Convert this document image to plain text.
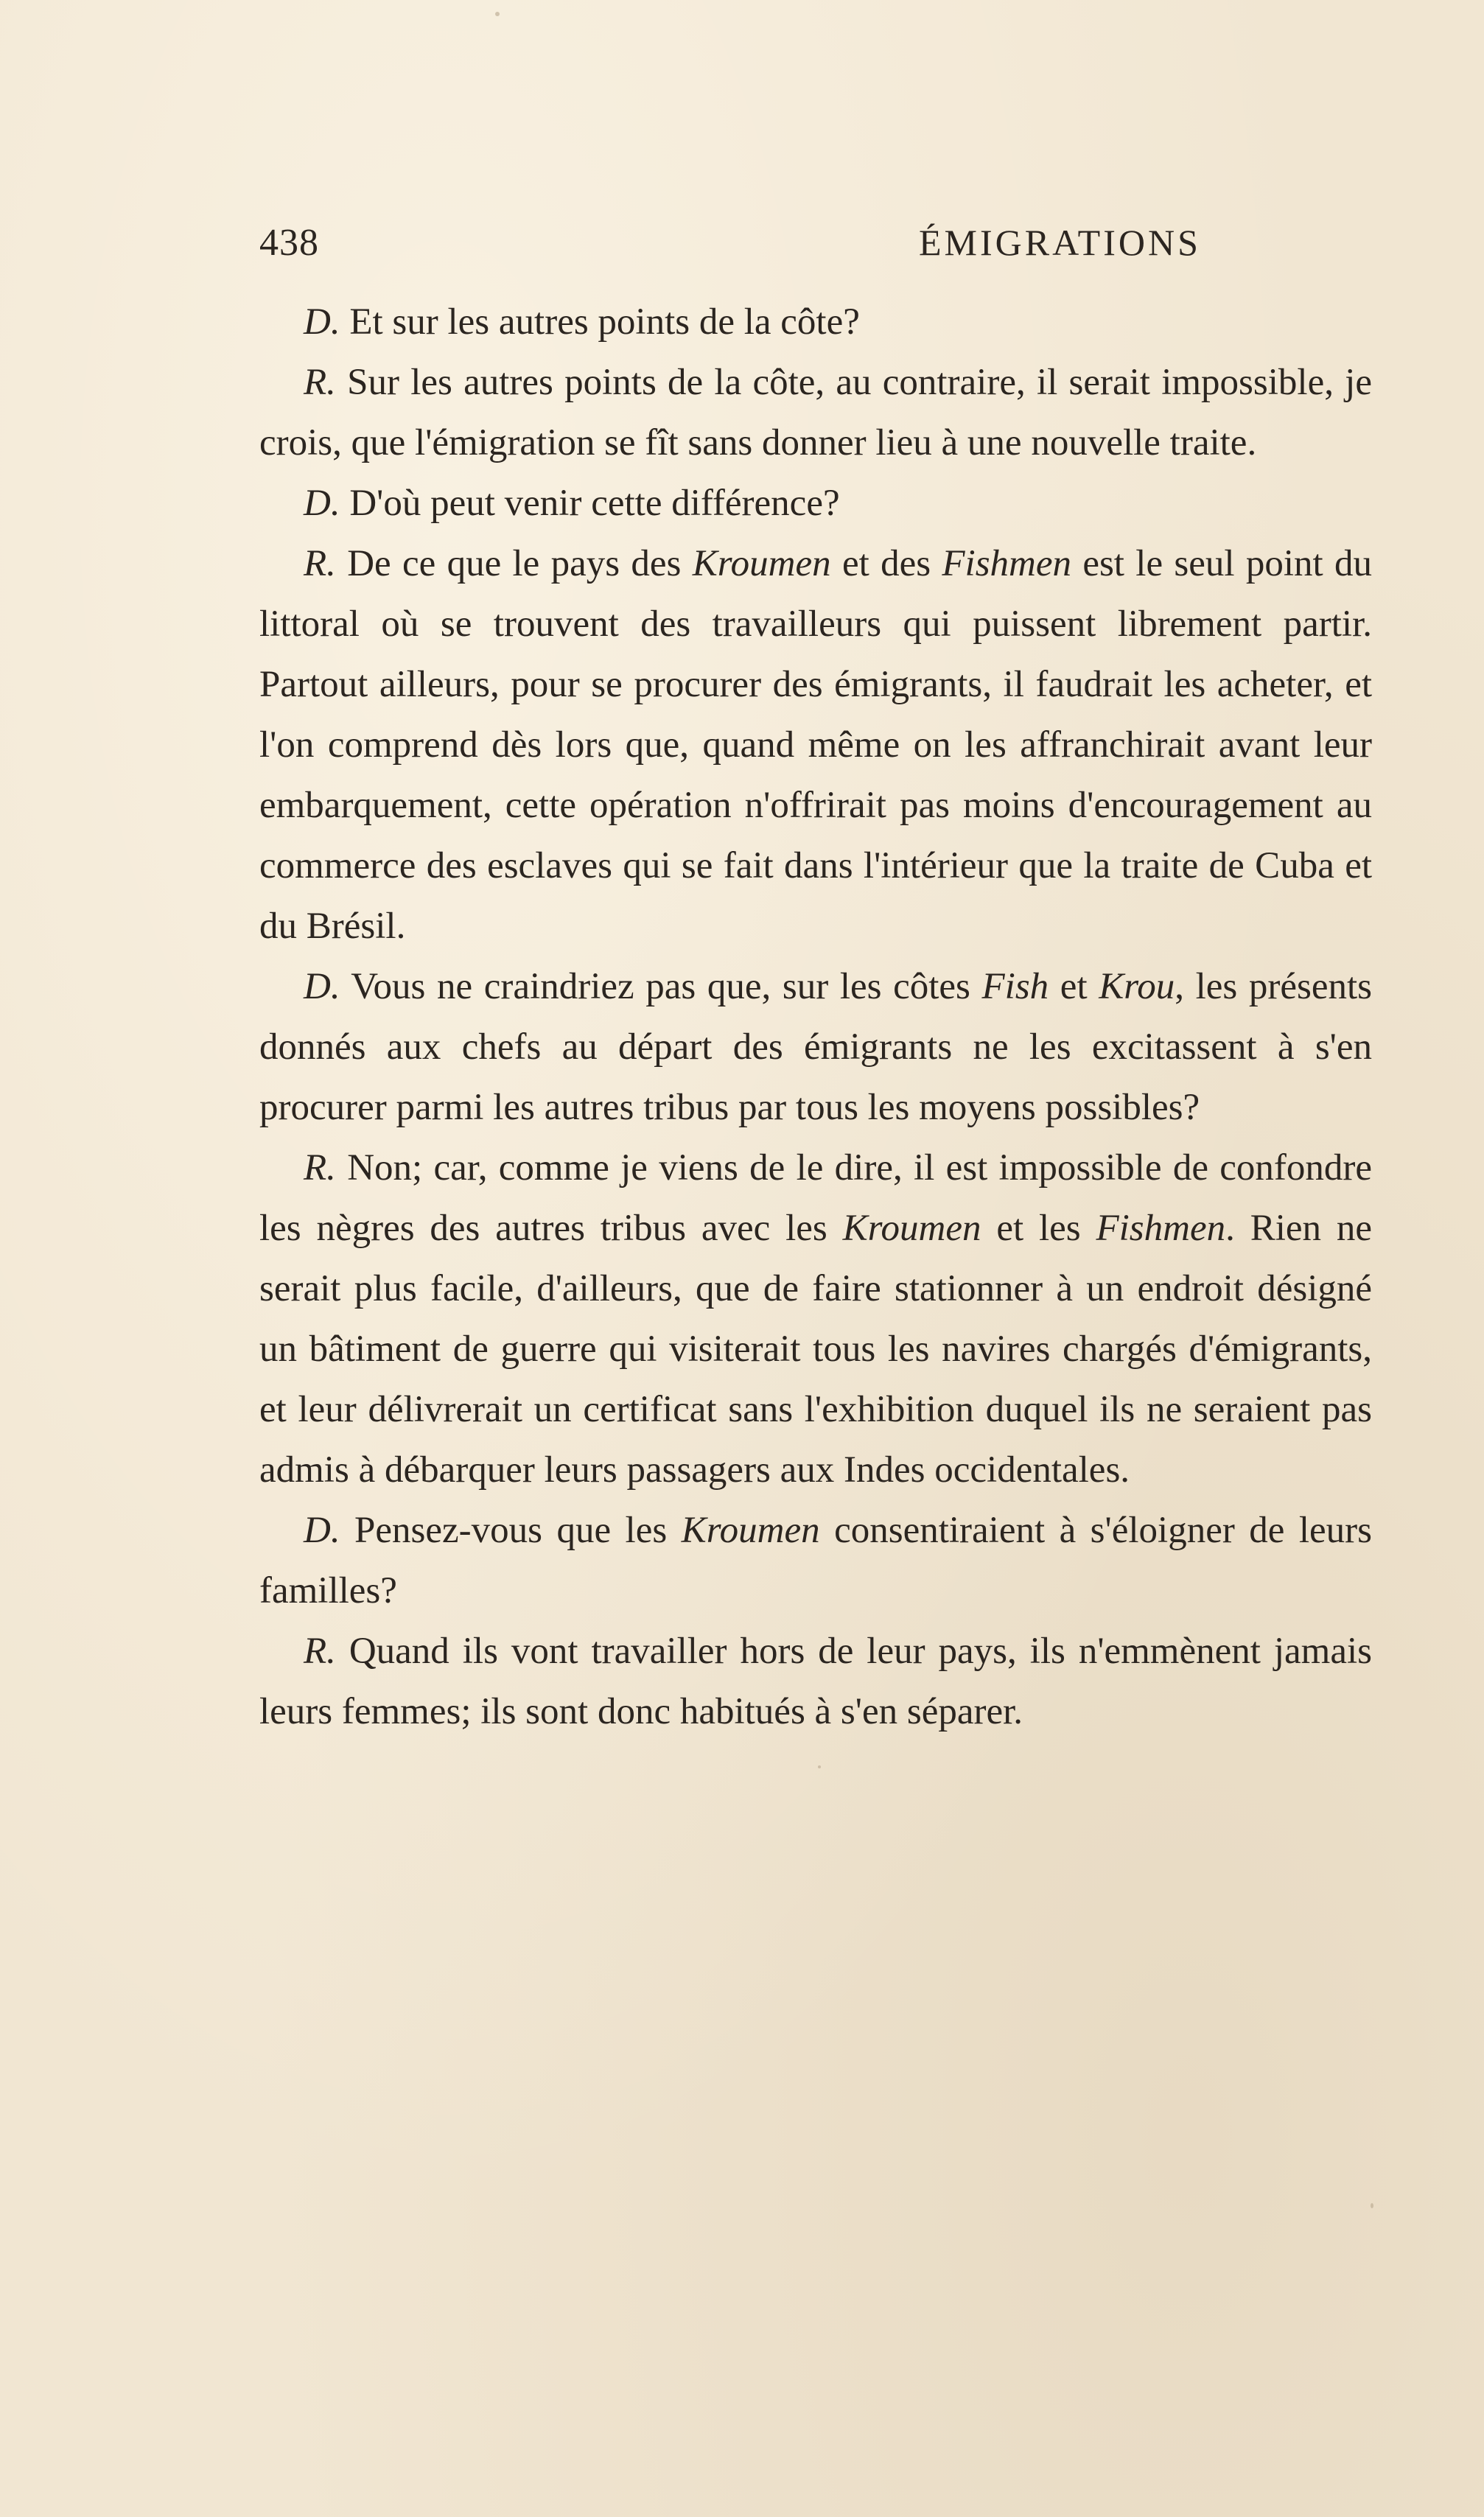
438	ÉMIGRATIONS

D. Et sur les autres points de la côte?

R. Sur les autres points de la côte, au contraire, il serait impossible, je crois, que l'émigration se fît sans donner lieu à une nouvelle traite.

D. D'où peut venir cette différence?

R. De ce que le pays des Kroumen et des Fishmen est le seul point du littoral où se trouvent des travailleurs qui puissent librement partir. Partout ailleurs, pour se procurer des émigrants, il faudrait les acheter, et l'on comprend dès lors que, quand même on les affranchirait avant leur embarquement, cette opération n'offrirait pas moins d'encouragement au commerce des esclaves qui se fait dans l'intérieur que la traite de Cuba et du Brésil.

D. Vous ne craindriez pas que, sur les côtes Fish et Krou, les présents donnés aux chefs au départ des émigrants ne les excitassent à s'en procurer parmi les autres tribus par tous les moyens possibles?

R. Non; car, comme je viens de le dire, il est impossible de confondre les nègres des autres tribus avec les Kroumen et les Fishmen. Rien ne serait plus facile, d'ailleurs, que de faire stationner à un endroit désigné un bâtiment de guerre qui visiterait tous les navires chargés d'émigrants, et leur délivrerait un certificat sans l'exhibition duquel ils ne seraient pas admis à débarquer leurs passagers aux Indes occidentales.

D. Pensez-vous que les Kroumen consentiraient à s'éloigner de leurs familles?

R. Quand ils vont travailler hors de leur pays, ils n'emmènent jamais leurs femmes; ils sont donc habitués à s'en séparer.
